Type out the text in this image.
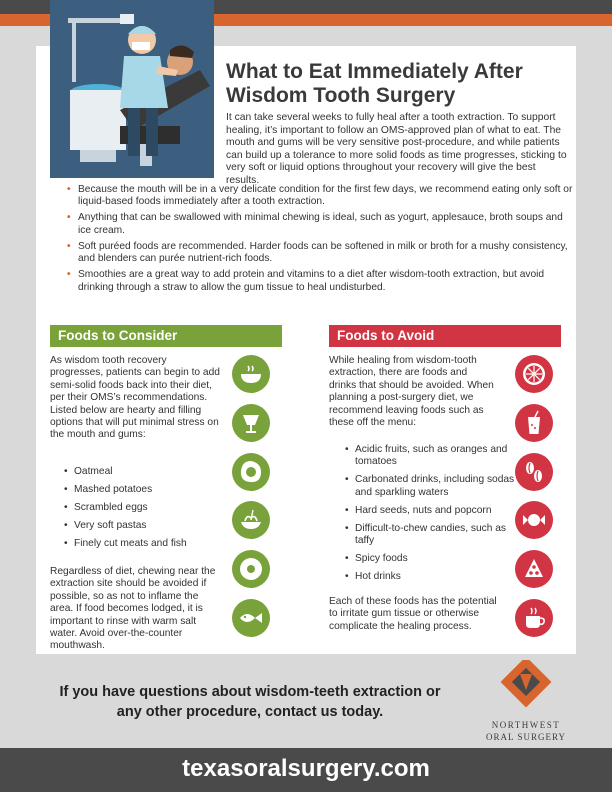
What to Eat Immediately After Wisdom Tooth Surgery

It can take several weeks to fully heal after a tooth extraction. To support healing, it’s important to follow an OMS-approved plan of what to eat. The mouth and gums will be very sensitive post-procedure, and while patients can build up a tolerance to more solid foods as time progresses, sticking to very soft or liquid options throughout your recovery will give the best results.

• Because the mouth will be in a very delicate condition for the first few days, we recommend eating only soft or liquid-based foods immediately after a tooth extraction.
• Anything that can be swallowed with minimal chewing is ideal, such as yogurt, applesauce, broth soups and ice cream.
• Soft puréed foods are recommended. Harder foods can be softened in milk or broth for a mushy consistency, and blenders can purée nutrient-rich foods.
• Smoothies are a great way to add protein and vitamins to a diet after wisdom-tooth extraction, but avoid drinking through a straw to allow the gum tissue to heal undisturbed.
Foods to Consider

As wisdom tooth recovery progresses, patients can begin to add semi-solid foods back into their diet, per their OMS’s recommendations. Listed below are hearty and filling options that will put minimal stress on the mouth and gums:

• Oatmeal
• Mashed potatoes
• Scrambled eggs
• Very soft pastas
• Finely cut meats and fish

Regardless of diet, chewing near the extraction site should be avoided if possible, so as not to inflame the area. If food becomes lodged, it is important to rinse with warm salt water. Avoid over-the-counter mouthwash.

Foods to Avoid

While healing from wisdom-tooth extraction, there are foods and drinks that should be avoided. When planning a post-surgery diet, we recommend leaving foods such as these off the menu:

• Acidic fruits, such as oranges and tomatoes
• Carbonated drinks, including sodas and sparkling waters
• Hard seeds, nuts and popcorn
• Difficult-to-chew candies, such as taffy
• Spicy foods
• Hot drinks

Each of these foods has the potential to irritate gum tissue or otherwise complicate the healing process.

If you have questions about wisdom-teeth extraction or any other procedure, contact us today.

NORTHWEST
ORAL SURGERY

texasoralsurgery.com
